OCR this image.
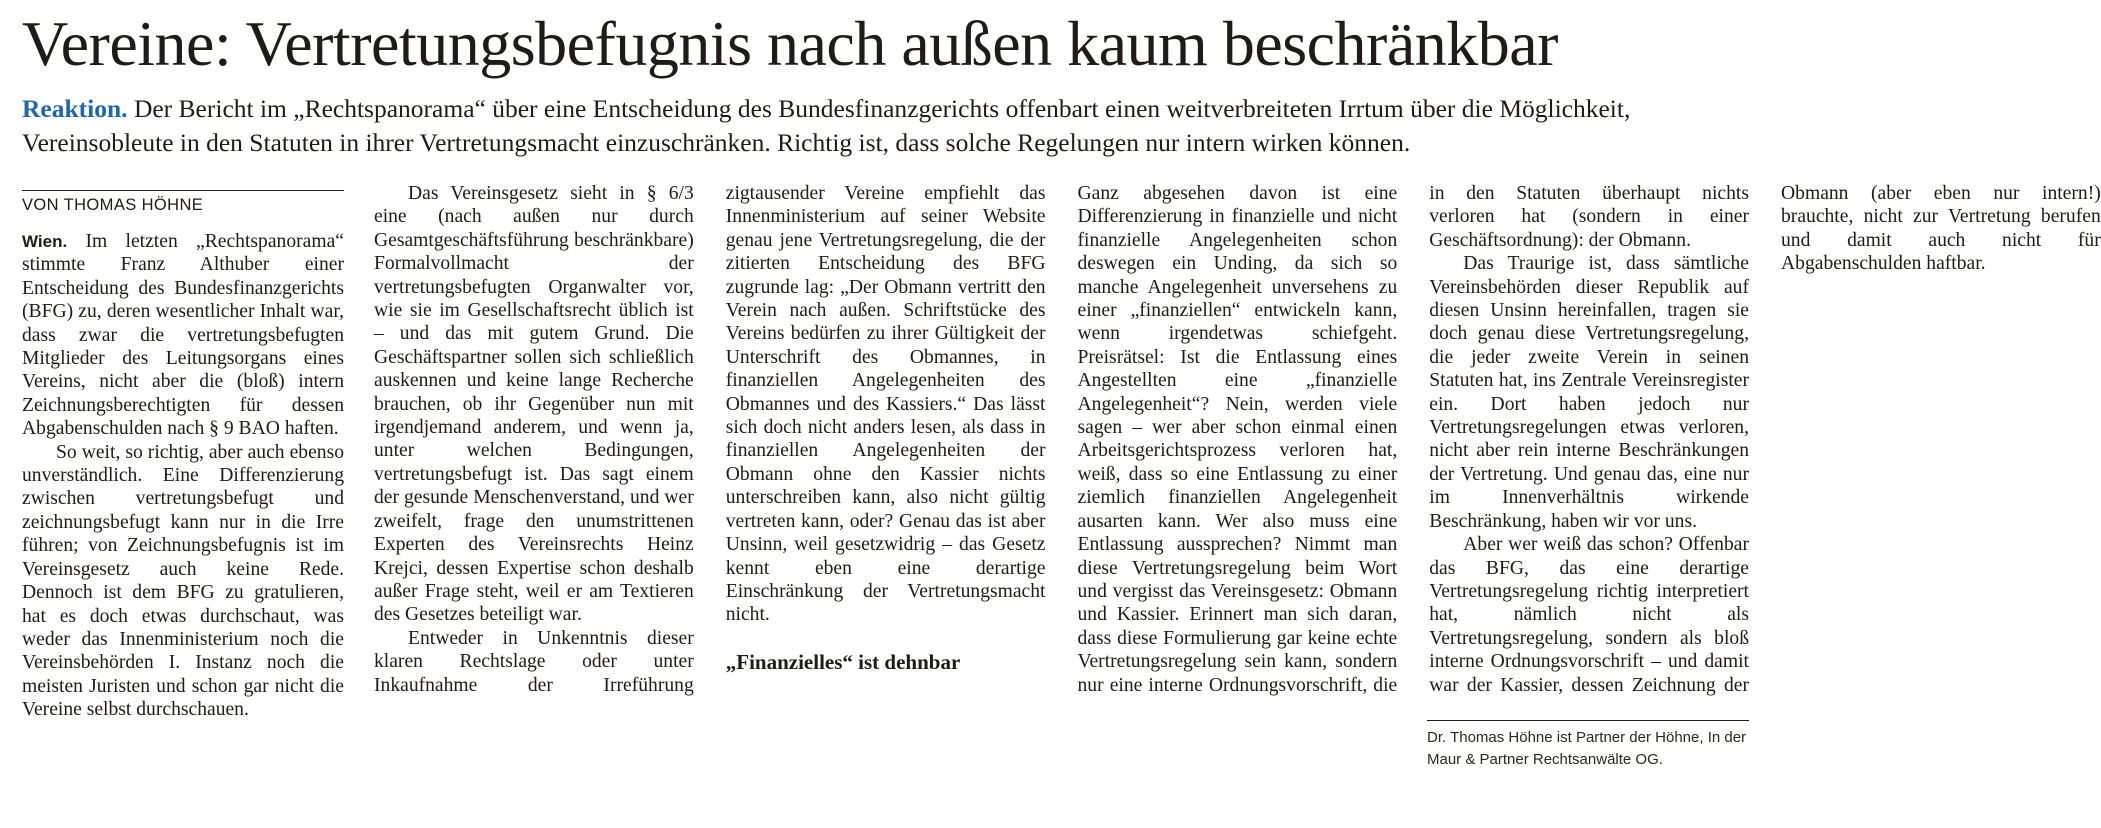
Vereine: Vertretungsbefugnis nach außen kaum beschränkbar
Reaktion. Der Bericht im „Rechtspanorama“ über eine Entscheidung des Bundesfinanzgerichts offenbart einen weitverbreiteten Irrtum über die Möglichkeit, Vereinsobleute in den Statuten in ihrer Vertretungsmacht einzuschränken. Richtig ist, dass solche Regelungen nur intern wirken können.
VON THOMAS HÖHNE

Wien. Im letzten „Rechtspanorama“ stimmte Franz Althuber einer Entscheidung des Bundesfinanzgerichts (BFG) zu, deren wesentlicher Inhalt war, dass zwar die vertretungsbefugten Mitglieder des Leitungsorgans eines Vereins, nicht aber die (bloß) intern Zeichnungsberechtigten für dessen Abgabenschulden nach § 9 BAO haften.

So weit, so richtig, aber auch ebenso unverständlich. Eine Differenzierung zwischen vertretungsbefugt und zeichnungsbefugt kann nur in die Irre führen; von Zeichnungsbefugnis ist im Vereinsgesetz auch keine Rede. Dennoch ist dem BFG zu gratulieren, hat es doch etwas durchschaut, was weder das Innenministerium noch die Vereinsbehörden I. Instanz noch die meisten Juristen und schon gar nicht die Vereine selbst durchschauen.

Das Vereinsgesetz sieht in § 6/3 eine (nach außen nur durch Gesamtgeschäftsführung beschränkbare) Formalvollmacht der vertretungsbefugten Organwalter vor, wie sie im Gesellschaftsrecht üblich ist – und das mit gutem Grund. Die Geschäftspartner sollen sich schließlich auskennen und keine lange Recherche brauchen, ob ihr Gegenüber nun mit irgendjemand anderem, und wenn ja, unter welchen Bedingungen, vertretungsbefugt ist. Das sagt einem der gesunde Menschenverstand, und wer zweifelt, frage den unumstrittenen Experten des Vereinsrechts Heinz Krejci, dessen Expertise schon deshalb außer Frage steht, weil er am Textieren des Gesetzes beteiligt war.

Entweder in Unkenntnis dieser klaren Rechtslage oder unter Inkaufnahme der Irreführung zigtausender Vereine empfiehlt das Innenministerium auf seiner Website genau jene Vertretungsregelung, die der zitierten Entscheidung des BFG zugrunde lag: „Der Obmann vertritt den Verein nach außen. Schriftstücke des Vereins bedürfen zu ihrer Gültigkeit der Unterschrift des Obmannes, in finanziellen Angelegenheiten des Obmannes und des Kassiers.“ Das lässt sich doch nicht anders lesen, als dass in finanziellen Angelegenheiten der Obmann ohne den Kassier nichts unterschreiben kann, also nicht gültig vertreten kann, oder? Genau das ist aber Unsinn, weil gesetzwidrig – das Gesetz kennt eben eine derartige Einschränkung der Vertretungsmacht nicht.

„Finanzielles“ ist dehnbar

Ganz abgesehen davon ist eine Differenzierung in finanzielle und nicht finanzielle Angelegenheiten schon deswegen ein Unding, da sich so manche Angelegenheit unversehens zu einer „finanziellen“ entwickeln kann, wenn irgendetwas schiefgeht. Preisrätsel: Ist die Entlassung eines Angestellten eine „finanzielle Angelegenheit“? Nein, werden viele sagen – wer aber schon einmal einen Arbeitsgerichtsprozess verloren hat, weiß, dass so eine Entlassung zu einer ziemlich finanziellen Angelegenheit ausarten kann. Wer also muss eine Entlassung aussprechen? Nimmt man diese Vertretungsregelung beim Wort und vergisst das Vereinsgesetz: Obmann und Kassier. Erinnert man sich daran, dass diese Formulierung gar keine echte Vertretungsregelung sein kann, sondern nur eine interne Ordnungsvorschrift, die in den Statuten überhaupt nichts verloren hat (sondern in einer Geschäftsordnung): der Obmann.

Das Traurige ist, dass sämtliche Vereinsbehörden dieser Republik auf diesen Unsinn hereinfallen, tragen sie doch genau diese Vertretungsregelung, die jeder zweite Verein in seinen Statuten hat, ins Zentrale Vereinsregister ein. Dort haben jedoch nur Vertretungsregelungen etwas verloren, nicht aber rein interne Beschränkungen der Vertretung. Und genau das, eine nur im Innenverhältnis wirkende Beschränkung, haben wir vor uns.

Aber wer weiß das schon? Offenbar das BFG, das eine derartige Vertretungsregelung richtig interpretiert hat, nämlich nicht als Vertretungsregelung, sondern als bloß interne Ordnungsvorschrift – und damit war der Kassier, dessen Zeichnung der Obmann (aber eben nur intern!) brauchte, nicht zur Vertretung berufen und damit auch nicht für Abgabenschulden haftbar.

Dr. Thomas Höhne ist Partner der Höhne, In der Maur & Partner Rechtsanwälte OG.
